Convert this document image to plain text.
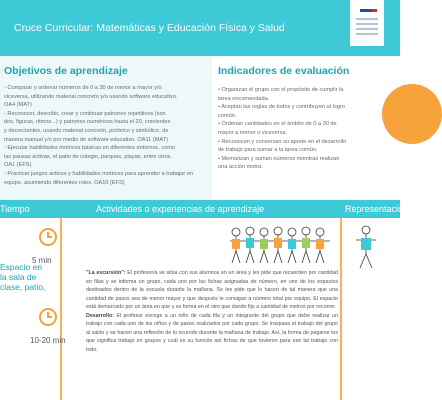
Cruce Curricular: Matemáticas y Educación Física y Salud
Objetivos de aprendizaje
- Comparar y ordenar números de 0 a 30 de menor a mayor y/o
viceversa, utilizando material concreto y/o usando software educativo.
OA4 (MAT)
- Reconocer, describir, crear y continuar patrones repetitivos (son
dos, figuras, ritmos...) y patrones numéricos hasta el 20, crecientes
y decrecientes, usando material concreto, pictórico y simbólico, de
manera manual y/o por medio de software educativo. OA11 (MAT)
- Ejecutar habilidades motrices básicas en diferentes entornos, como
las pausas activas, el patio de colegio, parques, playas, entre otros.
OA1 (EFS)
- Practicar juegos activos y habilidades motrices para aprender a trabajar en
equipo, asumiendo diferentes roles. OA10 (EFS)
Indicadores de evaluación
• Organizan el grupo con el propósito de cumplir la
tarea encomendada.
• Aceptan las reglas de todos y contribuyen al logro
común.
• Ordenan cantidades en el ámbito de 0 a 30 de
mayor a menor o viceversa.
• Reconocen y conservan su aporte en el desarrollo
de trabajo para sumar a la tarea común.
• Memorizan y suman números mientras realizan
una acción motriz.
Tiempo	Actividades o experiencias de aprendizaje	Representación
5 min
Espacio en la sala de clase, patio,
10-20 min

"La excursión": El profesor/a se sitúa con sus alumnos en un área y les pide que recuerden por cantidad en filas y se informa un grupo, cada uno por las fichas asignadas de número, en uno de los espacios destinados dentro de la escuela durante la mañana. Se les pide que lo hacen de tal manera que una cantidad de pasos sea de menor mayor y que después le consigan a número total por equipo. El espacio está demarcado por un área en que y se forma en el otro que dando fijo a cantidad de metros por recorrer.

Desarrollo: El profesor escoge a un niño de cada fila y un integrante del grupo que debe realizar un trabajo con cada uno de los niños y de pasos realizados por cada grupo. Se traspasa el trabajo del grupo al salón y se hacen una reflexión de lo ocurrido durante la mañana de trabajo. Así, la forma de pegarse los que significa trabajo en grupos y cuál es su función así fichas de que tuvieron para ese tal trabajo con todo.
